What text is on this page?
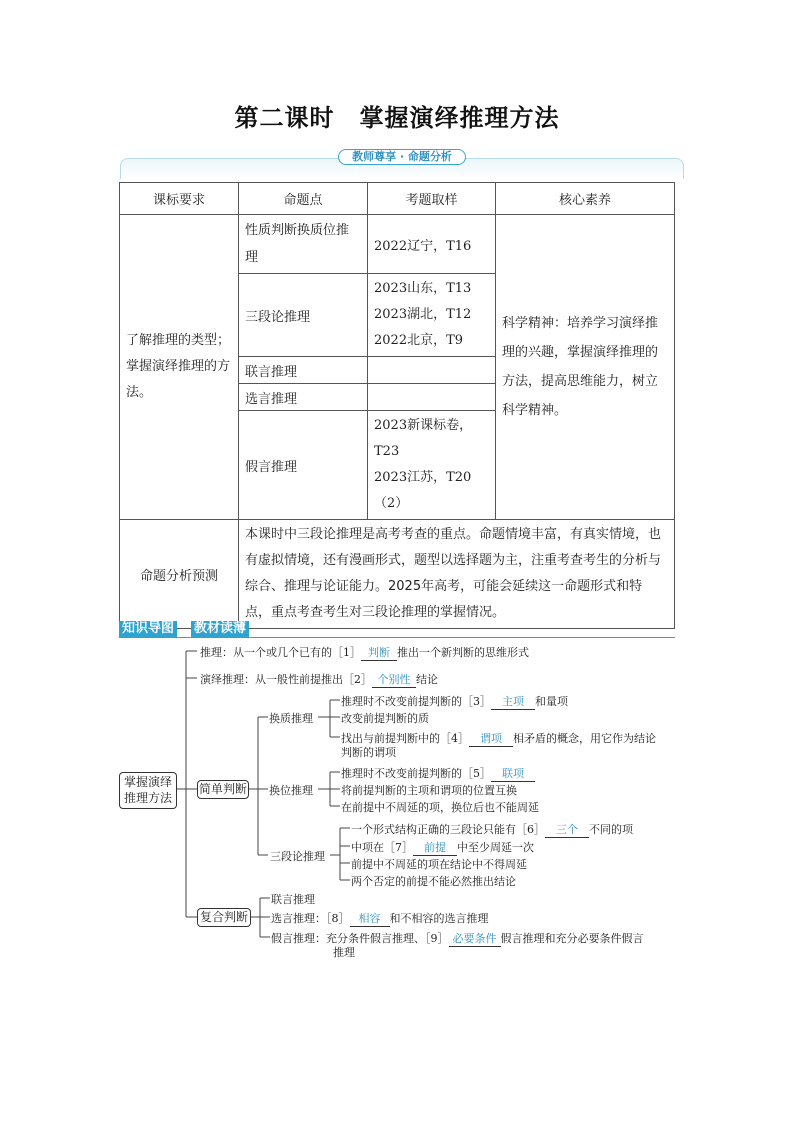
第二课时　掌握演绎推理方法
教师尊享 · 命题分析
课标要求	命题点	考题取样	核心素养
了解推理的类型；掌握演绎推理的方法。	性质判断换质位推理	2022辽宁，T16	科学精神：培养学习演绎推理的兴趣，掌握演绎推理的方法，提高思维能力，树立科学精神。
	三段论推理	2023山东，T13
2023湖北，T12
2022北京，T9	
	联言推理		
	选言推理		
	假言推理	2023新课标卷，T23
2023江苏，T20（2）	
命题分析预测	本课时中三段论推理是高考考查的重点。命题情境丰富，有真实情境，也有虚拟情境，还有漫画形式，题型以选择题为主，注重考查考生的分析与综合、推理与论证能力。2025年高考，可能会延续这一命题形式和特点，重点考查考生对三段论推理的掌握情况。		
知识导图 教材读薄
掌握演绎推理方法
简单判断
复合判断
推理：从一个或几个已有的［1］ 判断 推出一个新判断的思维形式
演绎推理：从一般性前提推出［2］ 个别性 结论
换质推理
推理时不改变前提判断的［3］ 主项 和量项
改变前提判断的质
找出与前提判断中的［4］ 谓项 相矛盾的概念，用它作为结论
判断的谓项
换位推理
推理时不改变前提判断的［5］ 联项
将前提判断的主项和谓项的位置互换
在前提中不周延的项，换位后也不能周延
三段论推理
一个形式结构正确的三段论只能有［6］ 三个 不同的项
中项在［7］ 前提 中至少周延一次
前提中不周延的项在结论中不得周延
两个否定的前提不能必然推出结论
联言推理
选言推理：［8］ 相容 和不相容的选言推理
假言推理：充分条件假言推理、［9］ 必要条件 假言推理和充分必要条件假言
推理
